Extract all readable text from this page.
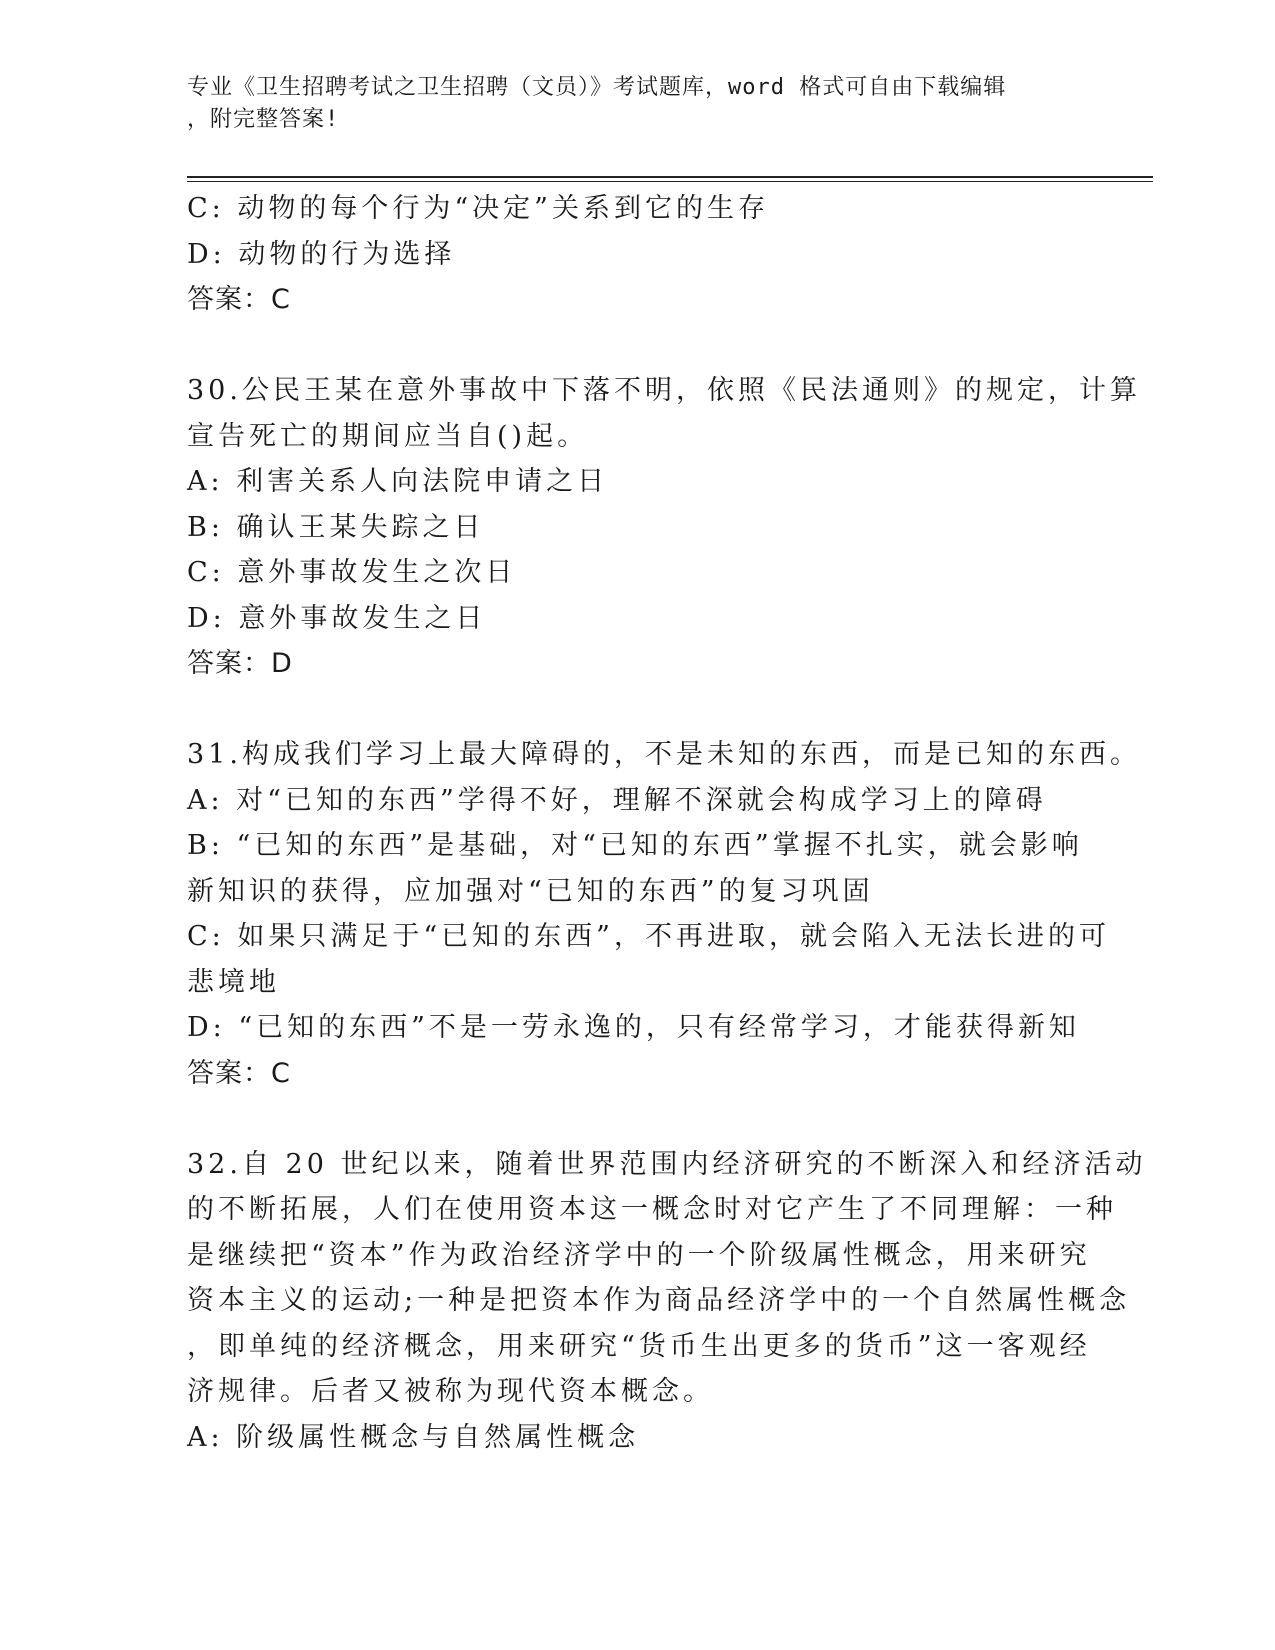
专业《卫生招聘考试之卫生招聘（文员）》考试题库，word 格式可自由下载编辑
，附完整答案!
C: 动物的每个行为“决定”关系到它的生存
D: 动物的行为选择
答案：C
30.公民王某在意外事故中下落不明，依照《民法通则》的规定，计算
宣告死亡的期间应当自()起。
A: 利害关系人向法院申请之日
B: 确认王某失踪之日
C: 意外事故发生之次日
D: 意外事故发生之日
答案：D
31.构成我们学习上最大障碍的，不是未知的东西，而是已知的东西。
A: 对“已知的东西”学得不好，理解不深就会构成学习上的障碍
B: “已知的东西”是基础，对“已知的东西”掌握不扎实，就会影响
新知识的获得，应加强对“已知的东西”的复习巩固
C: 如果只满足于“已知的东西”，不再进取，就会陷入无法长进的可
悲境地
D: “已知的东西”不是一劳永逸的，只有经常学习，才能获得新知
答案：C
32.自 20 世纪以来，随着世界范围内经济研究的不断深入和经济活动
的不断拓展，人们在使用资本这一概念时对它产生了不同理解：一种
是继续把“资本”作为政治经济学中的一个阶级属性概念，用来研究
资本主义的运动;一种是把资本作为商品经济学中的一个自然属性概念
，即单纯的经济概念，用来研究“货币生出更多的货币”这一客观经
济规律。后者又被称为现代资本概念。
A: 阶级属性概念与自然属性概念
